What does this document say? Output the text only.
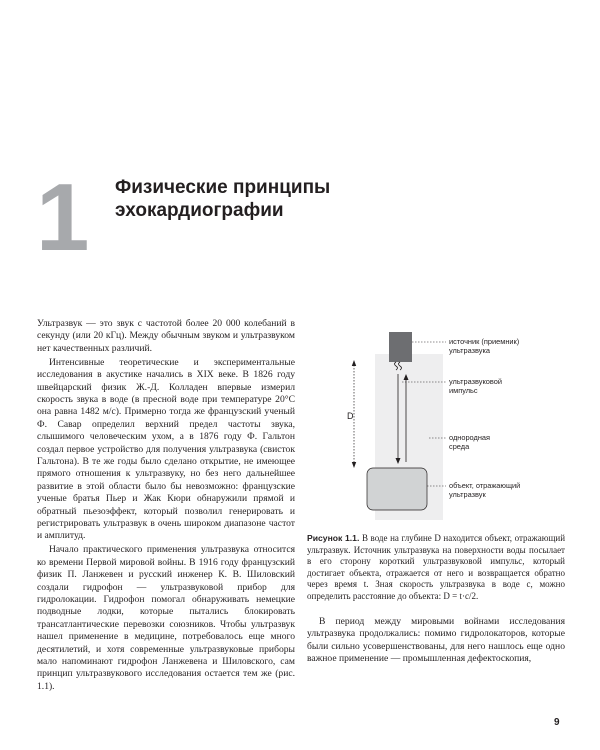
1 Физические принципы
эхокардиографии

Ультразвук — это звук с частотой более 20 000 колебаний в секунду (или 20 кГц). Между обычным звуком и ультразвуком нет качественных различий.

Интенсивные теоретические и экспериментальные исследования в акустике начались в XIX веке. В 1826 году швейцарский физик Ж.-Д. Колладен впервые измерил скорость звука в воде (в пресной воде при температуре 20°С она равна 1482 м/с). Примерно тогда же французский ученый Ф. Савар определил верхний предел частоты звука, слышимого человеческим ухом, а в 1876 году Ф. Гальтон создал первое устройство для получения ультразвука (свисток Гальтона). В те же годы было сделано открытие, не имеющее прямого отношения к ультразвуку, но без него дальнейшее развитие в этой области было бы невозможно: французские ученые братья Пьер и Жак Кюри обнаружили прямой и обратный пьезоэффект, который позволил генерировать и регистрировать ультразвук в очень широком диапазоне частот и амплитуд.

Начало практического применения ультразвука относится ко времени Первой мировой войны. В 1916 году французский физик П. Ланжевен и русский инженер К. В. Шиловский создали гидрофон — ультразвуковой прибор для гидролокации. Гидрофон помогал обнаруживать немецкие подводные лодки, которые пытались блокировать трансатлантические перевозки союзников. Чтобы ультразвук нашел применение в медицине, потребовалось еще много десятилетий, и хотя современные ультразвуковые приборы мало напоминают гидрофон Ланжевена и Шиловского, сам принцип ультразвукового исследования остается тем же (рис. 1.1).

D
источник (приемник)
ультразвука
ультразвуковой
импульс
однородная
среда
объект, отражающий
ультразвук
Рисунок 1.1. В воде на глубине D находится объект, отражающий ультразвук. Источник ультразвука на поверхности воды посылает в его сторону короткий ультразвуковой импульс, который достигает объекта, отражается от него и возвращается обратно через время t. Зная скорость ультразвука в воде c, можно определить расстояние до объекта: D = t·c/2.

В период между мировыми войнами исследования ультразвука продолжались: помимо гидролокаторов, которые были сильно усовершенствованы, для него нашлось еще одно важное применение — промышленная дефектоскопия,

9
